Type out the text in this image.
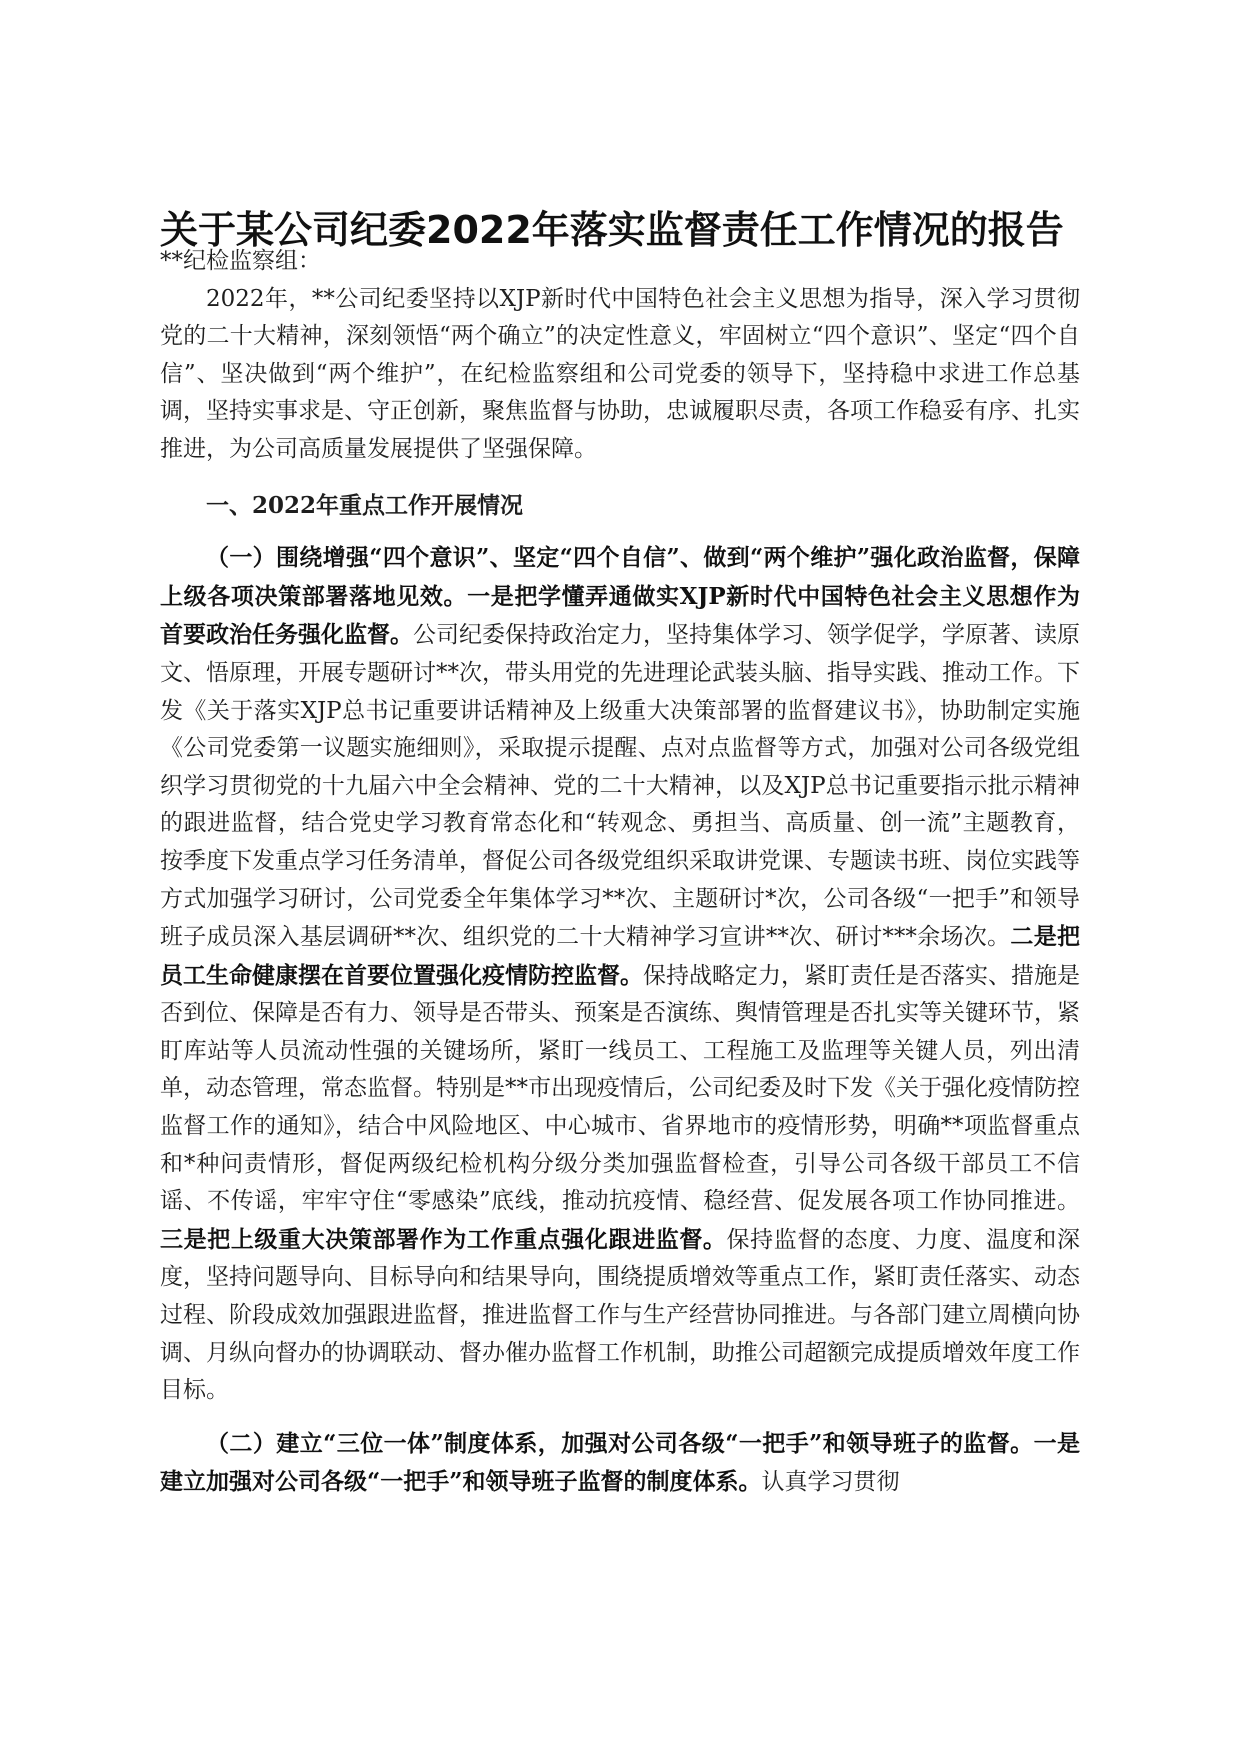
关于某公司纪委2022年落实监督责任工作情况的报告

**纪检监察组：

2022年，**公司纪委坚持以XJP新时代中国特色社会主义思想为指导，深入学习贯彻党的二十大精神，深刻领悟“两个确立”的决定性意义，牢固树立“四个意识”、坚定“四个自信”、坚决做到“两个维护”，在纪检监察组和公司党委的领导下，坚持稳中求进工作总基调，坚持实事求是、守正创新，聚焦监督与协助，忠诚履职尽责，各项工作稳妥有序、扎实推进，为公司高质量发展提供了坚强保障。

一、2022年重点工作开展情况

（一）围绕增强“四个意识”、坚定“四个自信”、做到“两个维护”强化政治监督，保障上级各项决策部署落地见效。一是把学懂弄通做实XJP新时代中国特色社会主义思想作为首要政治任务强化监督。公司纪委保持政治定力，坚持集体学习、领学促学，学原著、读原文、悟原理，开展专题研讨**次，带头用党的先进理论武装头脑、指导实践、推动工作。下发《关于落实XJP总书记重要讲话精神及上级重大决策部署的监督建议书》，协助制定实施《公司党委第一议题实施细则》，采取提示提醒、点对点监督等方式，加强对公司各级党组织学习贯彻党的十九届六中全会精神、党的二十大精神，以及XJP总书记重要指示批示精神的跟进监督，结合党史学习教育常态化和“转观念、勇担当、高质量、创一流”主题教育，按季度下发重点学习任务清单，督促公司各级党组织采取讲党课、专题读书班、岗位实践等方式加强学习研讨，公司党委全年集体学习**次、主题研讨*次，公司各级“一把手”和领导班子成员深入基层调研**次、组织党的二十大精神学习宣讲**次、研讨***余场次。二是把员工生命健康摆在首要位置强化疫情防控监督。保持战略定力，紧盯责任是否落实、措施是否到位、保障是否有力、领导是否带头、预案是否演练、舆情管理是否扎实等关键环节，紧盯库站等人员流动性强的关键场所，紧盯一线员工、工程施工及监理等关键人员，列出清单，动态管理，常态监督。特别是**市出现疫情后，公司纪委及时下发《关于强化疫情防控监督工作的通知》，结合中风险地区、中心城市、省界地市的疫情形势，明确**项监督重点和*种问责情形，督促两级纪检机构分级分类加强监督检查，引导公司各级干部员工不信谣、不传谣，牢牢守住“零感染”底线，推动抗疫情、稳经营、促发展各项工作协同推进。三是把上级重大决策部署作为工作重点强化跟进监督。保持监督的态度、力度、温度和深度，坚持问题导向、目标导向和结果导向，围绕提质增效等重点工作，紧盯责任落实、动态过程、阶段成效加强跟进监督，推进监督工作与生产经营协同推进。与各部门建立周横向协调、月纵向督办的协调联动、督办催办监督工作机制，助推公司超额完成提质增效年度工作目标。

（二）建立“三位一体”制度体系，加强对公司各级“一把手”和领导班子的监督。一是建立加强对公司各级“一把手”和领导班子监督的制度体系。认真学习贯彻
